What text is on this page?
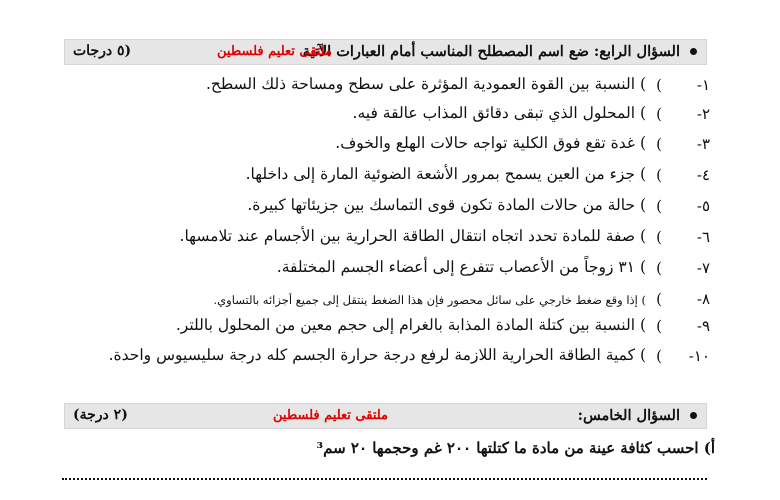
السؤال الرابع: ضع اسم المصطلح المناسب أمام العبارات الآتية
ملتقى تعليم فلسطين
(٥ درجات
١-
(
) النسبة بين القوة العمودية المؤثرة على سطح ومساحة ذلك السطح.
٢-
(
) المحلول الذي تبقى دقائق المذاب عالقة فيه.
٣-
(
) غدة تقع فوق الكلية تواجه حالات الهلع والخوف.
٤-
(
) جزء من العين يسمح بمرور الأشعة الضوئية المارة إلى داخلها.
٥-
(
) حالة من حالات المادة تكون قوى التماسك بين جزيئاتها كبيرة.
٦-
(
) صفة للمادة تحدد اتجاه انتقال الطاقة الحرارية بين الأجسام عند تلامسها.
٧-
(
) ٣١ زوجاً من الأعصاب تتفرع إلى أعضاء الجسم المختلفة.
٨-
(
) إذا وقع ضغط خارجي على سائل محصور فإن هذا الضغط ينتقل إلى جميع أجزائه بالتساوي.
٩-
(
) النسبة بين كتلة المادة المذابة بالغرام إلى حجم معين من المحلول باللتر.
١٠-
(
) كمية الطاقة الحرارية اللازمة لرفع درجة حرارة الجسم كله درجة سليسيوس واحدة.
السؤال الخامس:
ملتقى تعليم فلسطين
(٢ درجة)
أ) احسب كثافة عينة من مادة ما كتلتها ٢٠٠ غم وحجمها ٢٠ سم³
